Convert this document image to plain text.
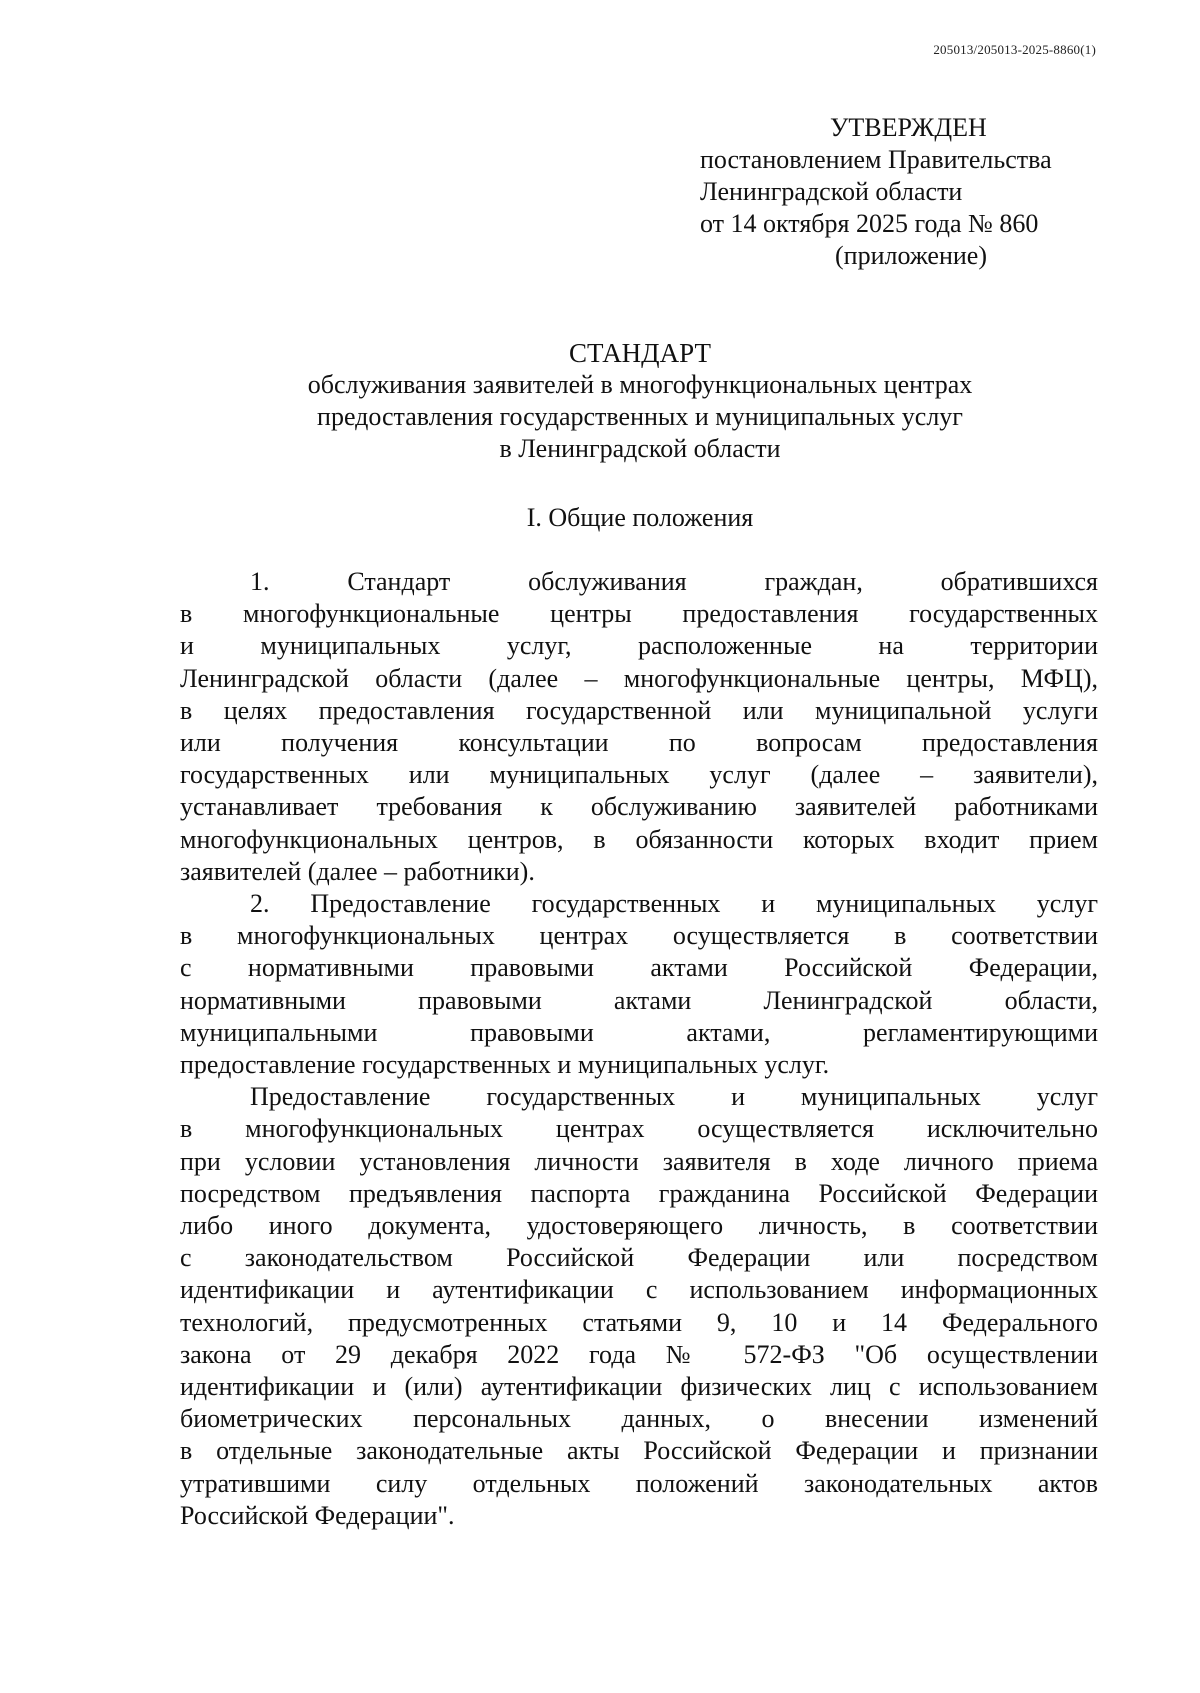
205013/205013-2025-8860(1)
УТВЕРЖДЕН
постановлением Правительства
Ленинградской области
от 14 октября 2025 года № 860
(приложение)
СТАНДАРТ
обслуживания заявителей в многофункциональных центрах
предоставления государственных и муниципальных услуг
в Ленинградской области
I. Общие положения
1. Стандарт обслуживания граждан, обратившихся
в многофункциональные центры предоставления государственных
и муниципальных услуг, расположенные на территории
Ленинградской области (далее – многофункциональные центры, МФЦ),
в целях предоставления государственной или муниципальной услуги
или получения консультации по вопросам предоставления
государственных или муниципальных услуг (далее – заявители),
устанавливает требования к обслуживанию заявителей работниками
многофункциональных центров, в обязанности которых входит прием
заявителей (далее – работники).
2. Предоставление государственных и муниципальных услуг
в многофункциональных центрах осуществляется в соответствии
с нормативными правовыми актами Российской Федерации,
нормативными правовыми актами Ленинградской области,
муниципальными правовыми актами, регламентирующими
предоставление государственных и муниципальных услуг.
Предоставление государственных и муниципальных услуг
в многофункциональных центрах осуществляется исключительно
при условии установления личности заявителя в ходе личного приема
посредством предъявления паспорта гражданина Российской Федерации
либо иного документа, удостоверяющего личность, в соответствии
с законодательством Российской Федерации или посредством
идентификации и аутентификации с использованием информационных
технологий, предусмотренных статьями 9, 10 и 14 Федерального
закона от 29 декабря 2022 года № 572-ФЗ "Об осуществлении
идентификации и (или) аутентификации физических лиц с использованием
биометрических персональных данных, о внесении изменений
в отдельные законодательные акты Российской Федерации и признании
утратившими силу отдельных положений законодательных актов
Российской Федерации".
